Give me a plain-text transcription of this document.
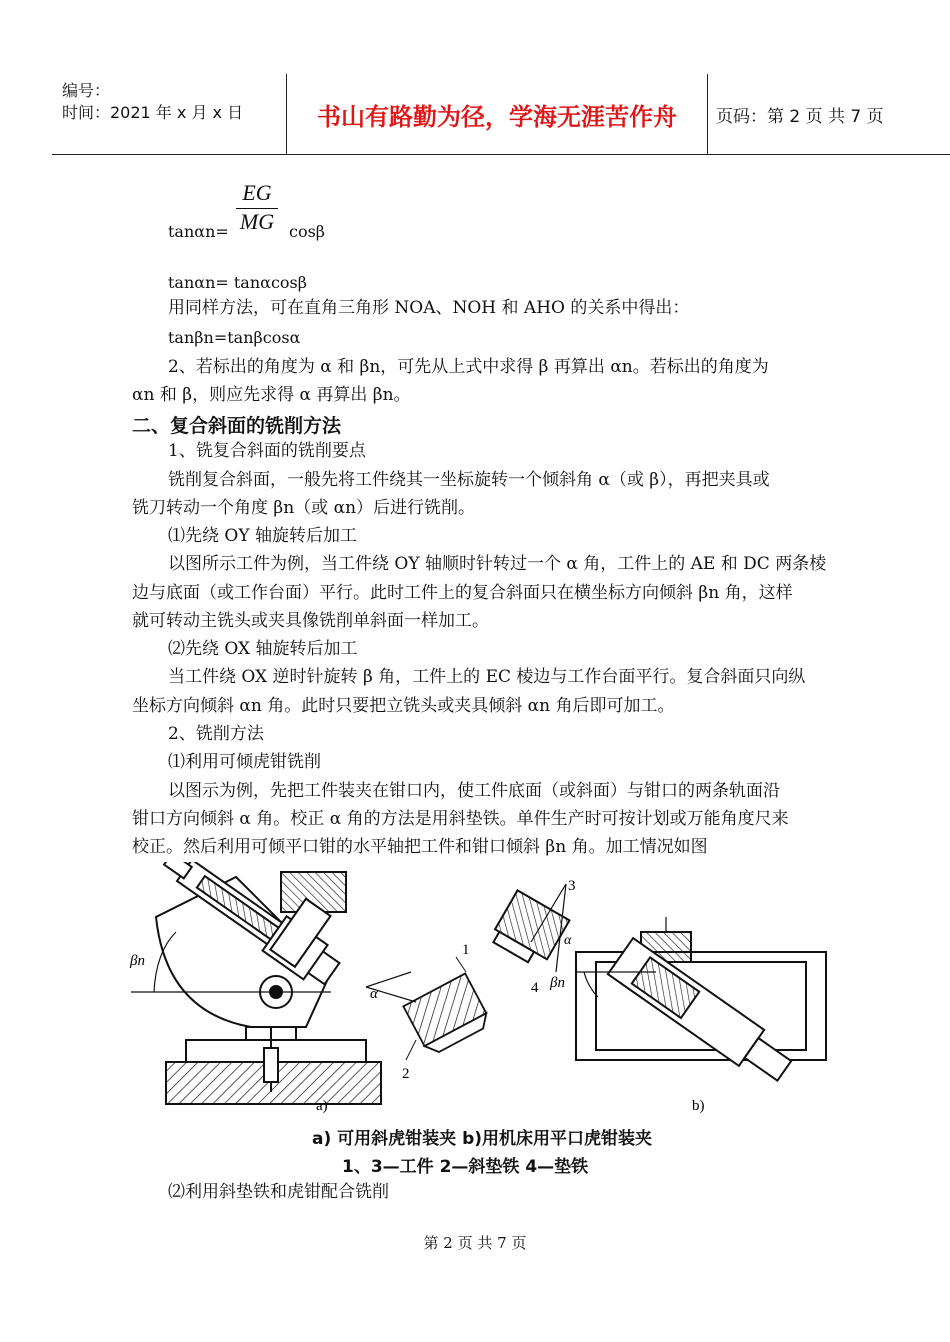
编号：
时间：2021 年 x 月 x 日	书山有路勤为径，学海无涯苦作舟	页码：第 2 页 共 7 页
$\frac{EG}{MG}$
tanαn=	cosβ
tanαn= tanαcosβ
用同样方法，可在直角三角形 NOA、NOH 和 AHO 的关系中得出：
tanβn=tanβcosα
2、若标出的角度为 α 和 βn，可先从上式中求得 β 再算出 αn。若标出的角度为
αn 和 β，则应先求得 α 再算出 βn。
二、复合斜面的铣削方法
1、铣复合斜面的铣削要点
铣削复合斜面，一般先将工件绕其一坐标旋转一个倾斜角 α（或 β），再把夹具或
铣刀转动一个角度 βn（或 αn）后进行铣削。
⑴先绕 OY 轴旋转后加工
以图所示工件为例，当工件绕 OY 轴顺时针转过一个 α 角，工件上的 AE 和 DC 两条棱
边与底面（或工作台面）平行。此时工件上的复合斜面只在横坐标方向倾斜 βn 角，这样
就可转动主铣头或夹具像铣削单斜面一样加工。
⑵先绕 OX 轴旋转后加工
当工件绕 OX 逆时针旋转 β 角，工件上的 EC 棱边与工作台面平行。复合斜面只向纵
坐标方向倾斜 αn 角。此时只要把立铣头或夹具倾斜 αn 角后即可加工。
2、铣削方法
⑴利用可倾虎钳铣削
以图示为例，先把工件装夹在钳口内，使工件底面（或斜面）与钳口的两条轨面沿
钳口方向倾斜 α 角。校正 α 角的方法是用斜垫铁。单件生产时可按计划或万能角度尺来
校正。然后利用可倾平口钳的水平轴把工件和钳口倾斜 βn 角。加工情况如图
βn
α
1
2
a)
3
4
α
βn
b)
a) 可用斜虎钳装夹 b)用机床用平口虎钳装夹
1、3—工件 2—斜垫铁 4—垫铁
⑵利用斜垫铁和虎钳配合铣削
第 2 页 共 7 页
